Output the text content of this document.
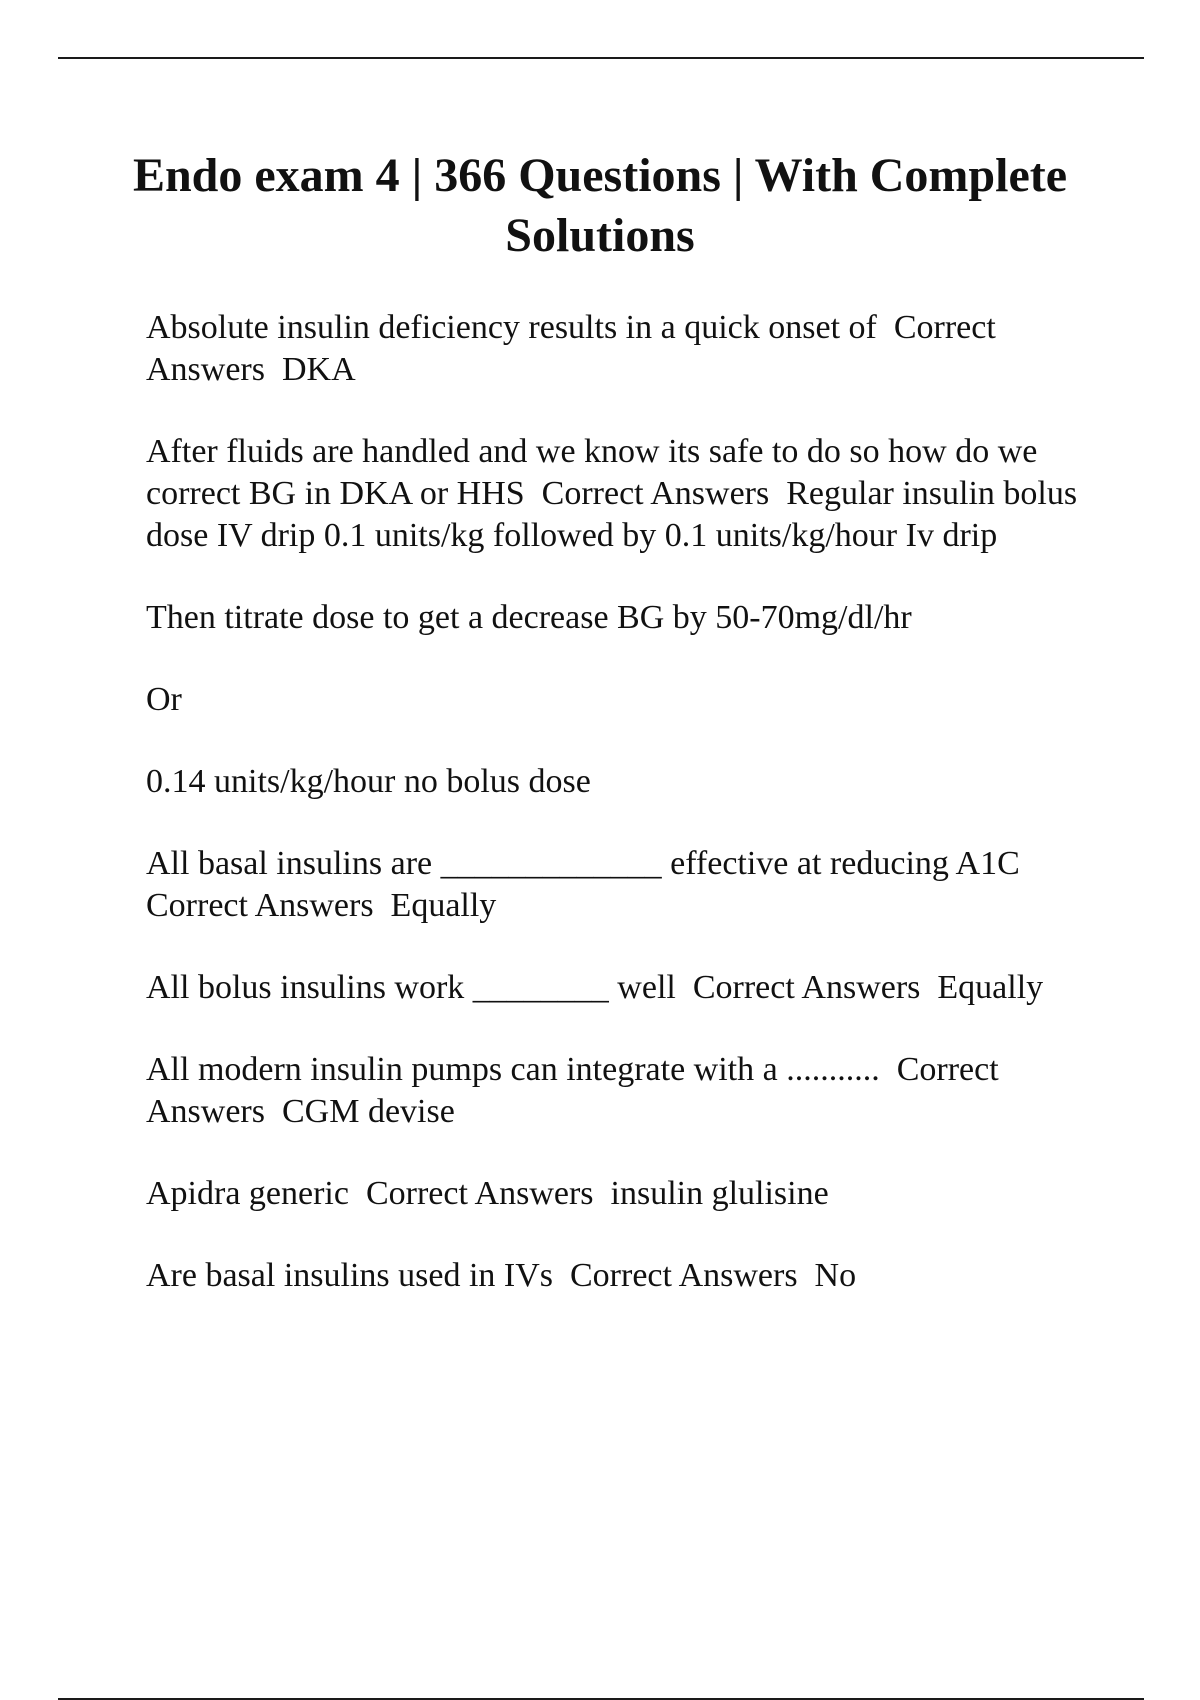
Endo exam 4 | 366 Questions | With Complete Solutions

Absolute insulin deficiency results in a quick onset of  Correct Answers  DKA

After fluids are handled and we know its safe to do so how do we correct BG in DKA or HHS  Correct Answers  Regular insulin bolus dose IV drip 0.1 units/kg followed by 0.1 units/kg/hour Iv drip

Then titrate dose to get a decrease BG by 50-70mg/dl/hr

Or

0.14 units/kg/hour no bolus dose

All basal insulins are _____________ effective at reducing A1C  Correct Answers  Equally

All bolus insulins work ________ well  Correct Answers  Equally

All modern insulin pumps can integrate with a ...........  Correct Answers  CGM devise

Apidra generic  Correct Answers  insulin glulisine

Are basal insulins used in IVs  Correct Answers  No
